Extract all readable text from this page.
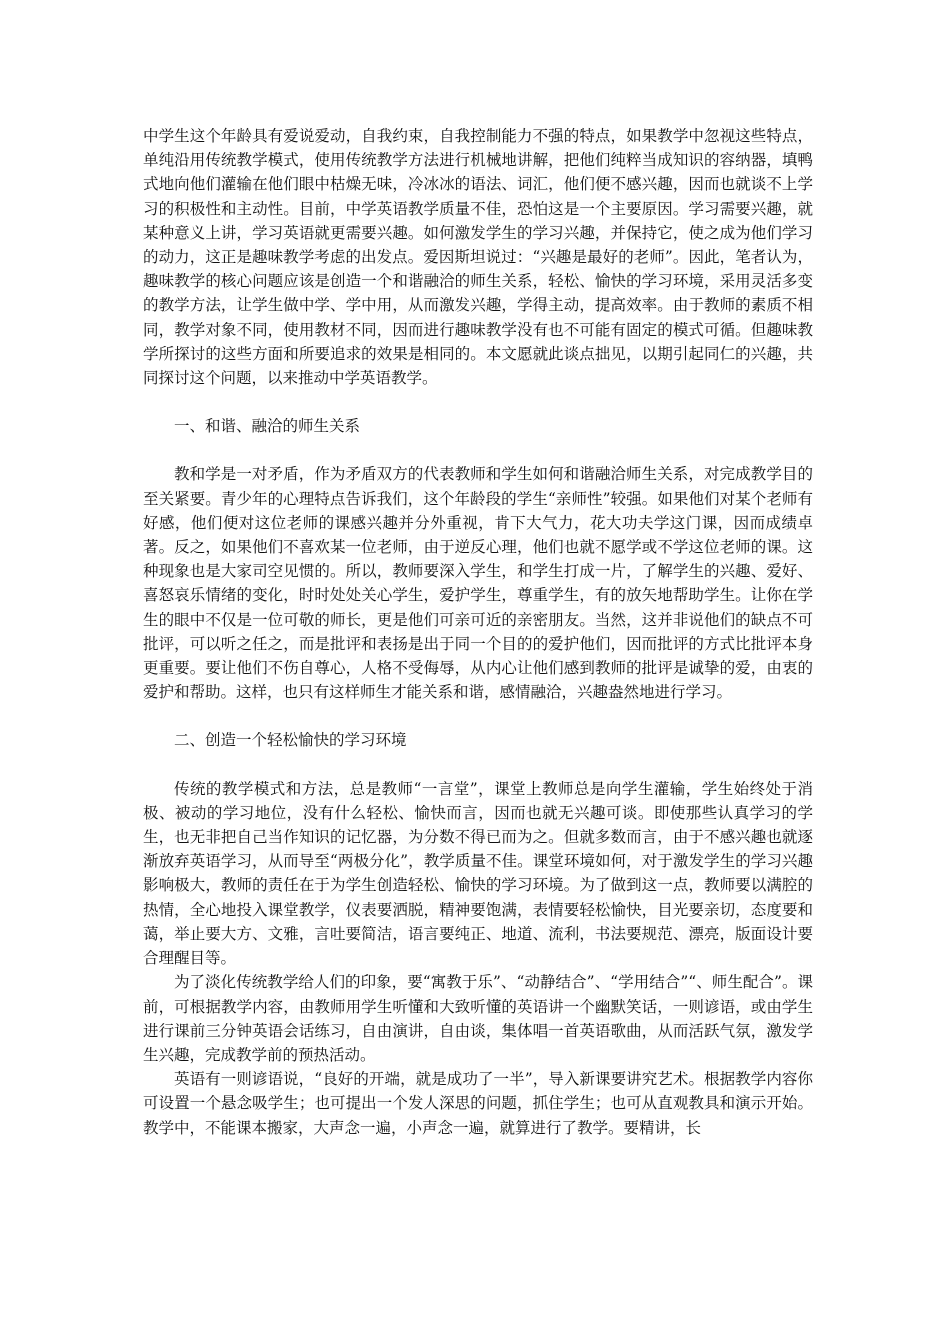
中学生这个年龄具有爱说爱动，自我约束，自我控制能力不强的特点，如果教学中忽视这些特点，单纯沿用传统教学模式，使用传统教学方法进行机械地讲解，把他们纯粹当成知识的容纳器，填鸭式地向他们灌输在他们眼中枯燥无味，冷冰冰的语法、词汇，他们便不感兴趣，因而也就谈不上学习的积极性和主动性。目前，中学英语教学质量不佳，恐怕这是一个主要原因。学习需要兴趣，就某种意义上讲，学习英语就更需要兴趣。如何激发学生的学习兴趣，并保持它，使之成为他们学习的动力，这正是趣味教学考虑的出发点。爱因斯坦说过：“兴趣是最好的老师”。因此，笔者认为，趣味教学的核心问题应该是创造一个和谐融洽的师生关系，轻松、愉快的学习环境，采用灵活多变的教学方法，让学生做中学、学中用，从而激发兴趣，学得主动，提高效率。由于教师的素质不相同，教学对象不同，使用教材不同，因而进行趣味教学没有也不可能有固定的模式可循。但趣味教学所探讨的这些方面和所要追求的效果是相同的。本文愿就此谈点拙见，以期引起同仁的兴趣，共同探讨这个问题，以来推动中学英语教学。

一、和谐、融洽的师生关系

教和学是一对矛盾，作为矛盾双方的代表教师和学生如何和谐融洽师生关系，对完成教学目的至关紧要。青少年的心理特点告诉我们，这个年龄段的学生“亲师性”较强。如果他们对某个老师有好感，他们便对这位老师的课感兴趣并分外重视，肯下大气力，花大功夫学这门课，因而成绩卓著。反之，如果他们不喜欢某一位老师，由于逆反心理，他们也就不愿学或不学这位老师的课。这种现象也是大家司空见惯的。所以，教师要深入学生，和学生打成一片，了解学生的兴趣、爱好、喜怒哀乐情绪的变化，时时处处关心学生，爱护学生，尊重学生，有的放矢地帮助学生。让你在学生的眼中不仅是一位可敬的师长，更是他们可亲可近的亲密朋友。当然，这并非说他们的缺点不可批评，可以听之任之，而是批评和表扬是出于同一个目的的爱护他们，因而批评的方式比批评本身更重要。要让他们不伤自尊心，人格不受侮辱，从内心让他们感到教师的批评是诚挚的爱，由衷的爱护和帮助。这样，也只有这样师生才能关系和谐，感情融洽，兴趣盎然地进行学习。

二、创造一个轻松愉快的学习环境

传统的教学模式和方法，总是教师“一言堂”，课堂上教师总是向学生灌输，学生始终处于消极、被动的学习地位，没有什么轻松、愉快而言，因而也就无兴趣可谈。即使那些认真学习的学生，也无非把自己当作知识的记忆器，为分数不得已而为之。但就多数而言，由于不感兴趣也就逐渐放弃英语学习，从而导至“两极分化”，教学质量不佳。课堂环境如何，对于激发学生的学习兴趣影响极大，教师的责任在于为学生创造轻松、愉快的学习环境。为了做到这一点，教师要以满腔的热情，全心地投入课堂教学，仪表要洒脱，精神要饱满，表情要轻松愉快，目光要亲切，态度要和蔼，举止要大方、文雅，言吐要简洁，语言要纯正、地道、流利，书法要规范、漂亮，版面设计要合理醒目等。

为了淡化传统教学给人们的印象，要“寓教于乐”、“动静结合”、“学用结合”“、师生配合”。课前，可根据教学内容，由教师用学生听懂和大致听懂的英语讲一个幽默笑话，一则谚语，或由学生进行课前三分钟英语会话练习，自由演讲，自由谈，集体唱一首英语歌曲，从而活跃气氛，激发学生兴趣，完成教学前的预热活动。

英语有一则谚语说，“良好的开端，就是成功了一半”，导入新课要讲究艺术。根据教学内容你可设置一个悬念吸学生；也可提出一个发人深思的问题，抓住学生；也可从直观教具和演示开始。教学中，不能课本搬家，大声念一遍，小声念一遍，就算进行了教学。要精讲，长
